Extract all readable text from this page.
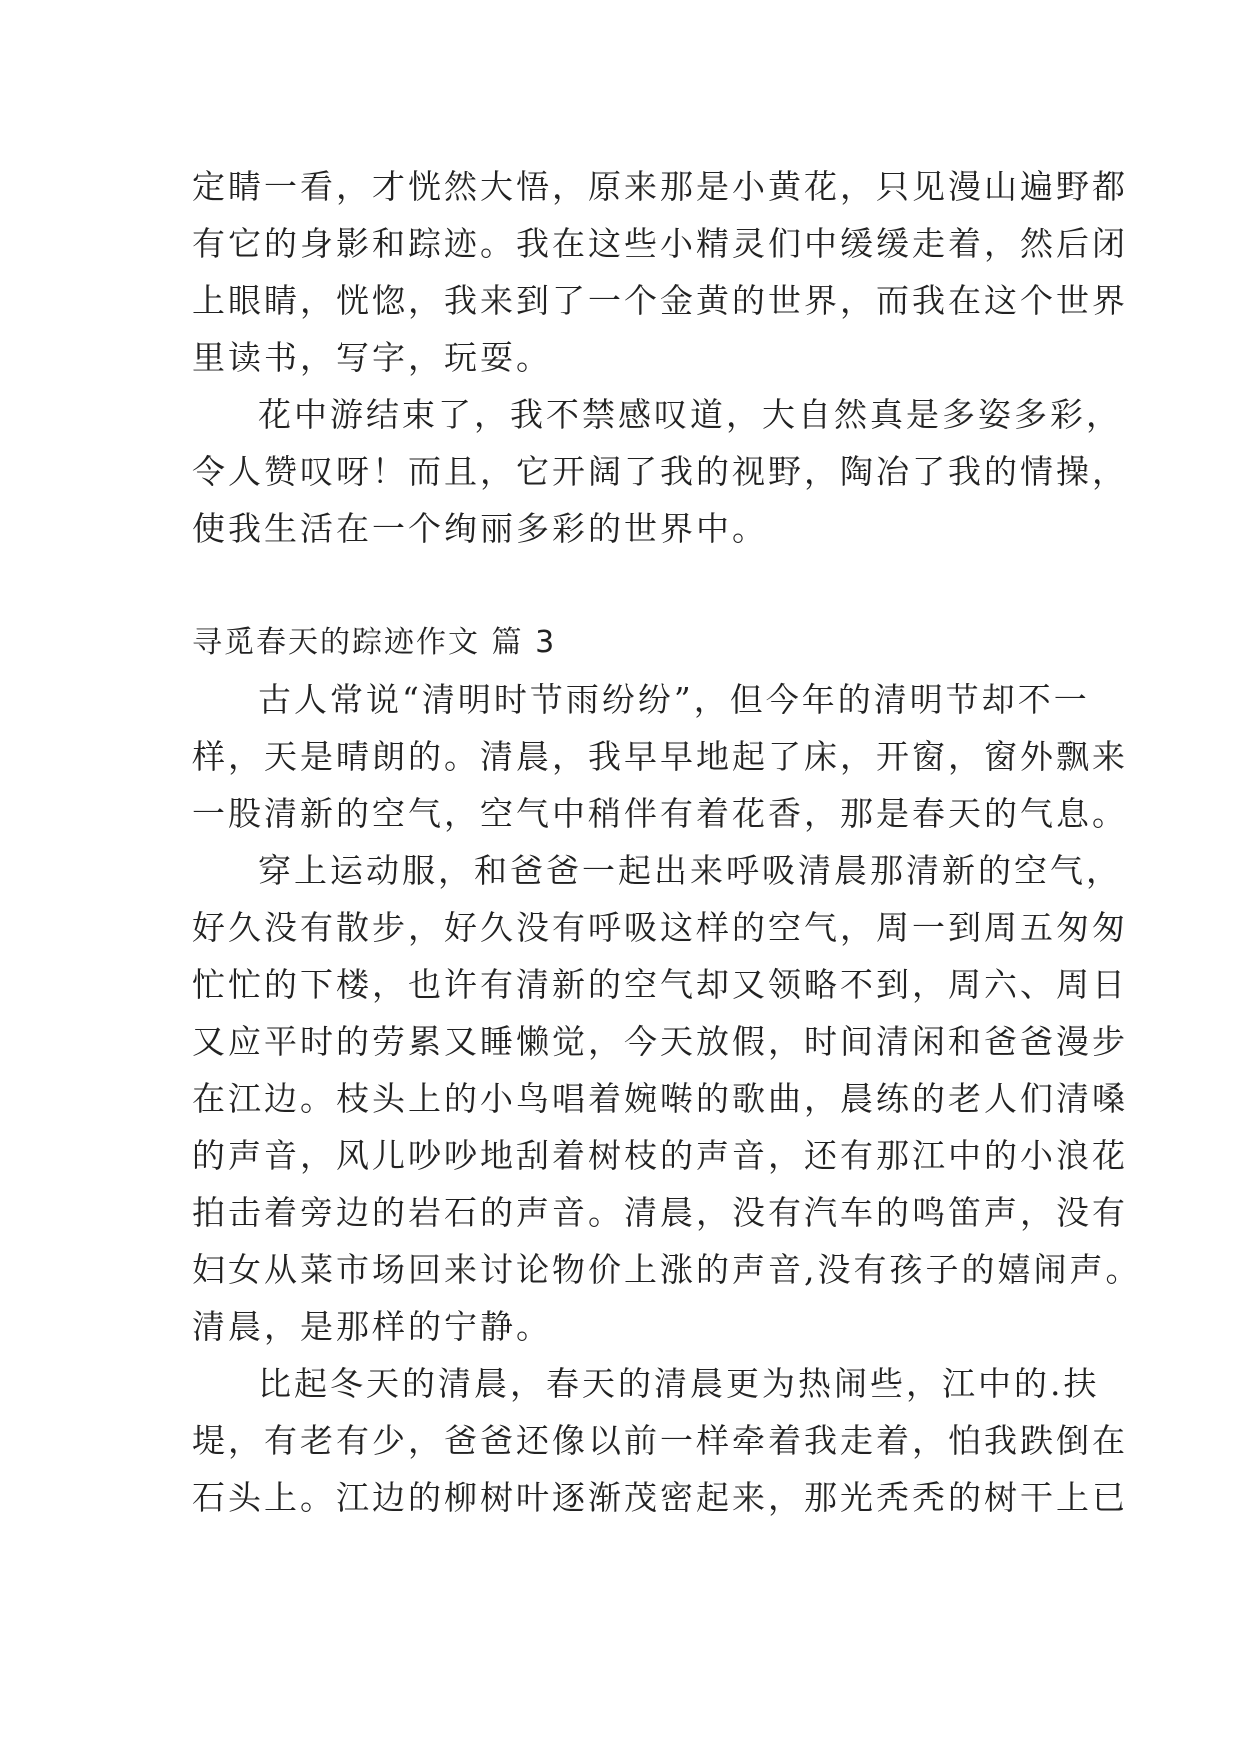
定睛一看，才恍然大悟，原来那是小黄花，只见漫山遍野都
有它的身影和踪迹。我在这些小精灵们中缓缓走着，然后闭
上眼睛，恍惚，我来到了一个金黄的世界，而我在这个世界
里读书，写字，玩耍。
花中游结束了，我不禁感叹道，大自然真是多姿多彩，
令人赞叹呀！而且，它开阔了我的视野，陶冶了我的情操，
使我生活在一个绚丽多彩的世界中。
寻觅春天的踪迹作文 篇 3
古人常说“清明时节雨纷纷”，但今年的清明节却不一
样，天是晴朗的。清晨，我早早地起了床，开窗，窗外飘来
一股清新的空气，空气中稍伴有着花香，那是春天的气息。
穿上运动服，和爸爸一起出来呼吸清晨那清新的空气，
好久没有散步，好久没有呼吸这样的空气，周一到周五匆匆
忙忙的下楼，也许有清新的空气却又领略不到，周六、周日
又应平时的劳累又睡懒觉，今天放假，时间清闲和爸爸漫步
在江边。枝头上的小鸟唱着婉啭的歌曲，晨练的老人们清嗓
的声音，风儿吵吵地刮着树枝的声音，还有那江中的小浪花
拍击着旁边的岩石的声音。清晨，没有汽车的鸣笛声，没有
妇女从菜市场回来讨论物价上涨的声音,没有孩子的嬉闹声。
清晨，是那样的宁静。
比起冬天的清晨，春天的清晨更为热闹些，江中的.扶
堤，有老有少，爸爸还像以前一样牵着我走着，怕我跌倒在
石头上。江边的柳树叶逐渐茂密起来，那光秃秃的树干上已
